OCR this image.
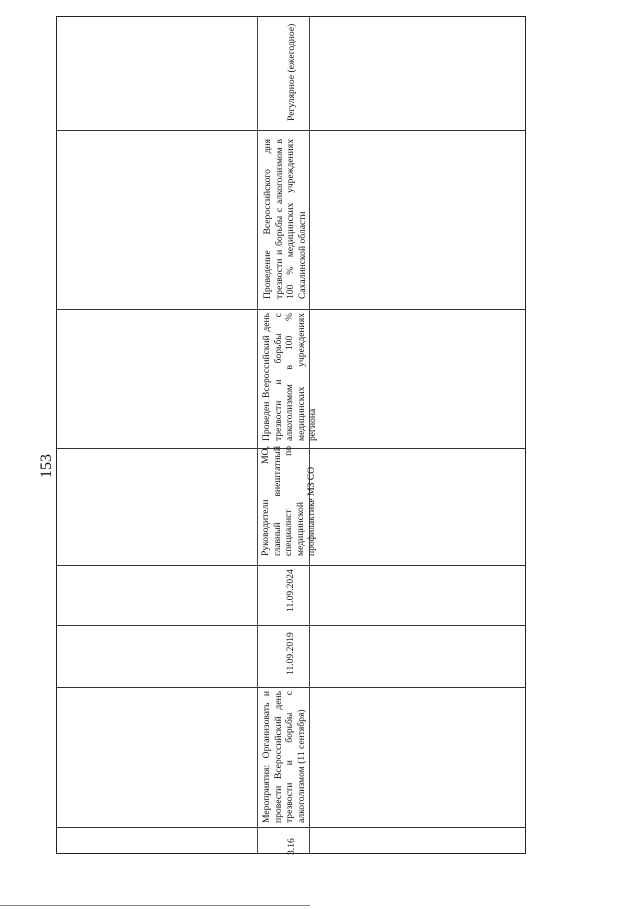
153
Регулярное (ежегодное)
Проведение Всероссийского дня трезвости и борьбы с алкоголизмом в 100 % медицинских учреждениях Сахалинской области
Проведен Всероссийский день трезвости и борьбы с алкоголизмом в 100 % медицинских учреждениях региона
Руководители МО, главный внештатный специалист по медицинской профилактике МЗ СО
11.09.2024
11.09.2019
Мероприятия: Организовать и провести Всероссийский день трезвости и борьбы с алкоголизмом (11 сентября)
3.16
